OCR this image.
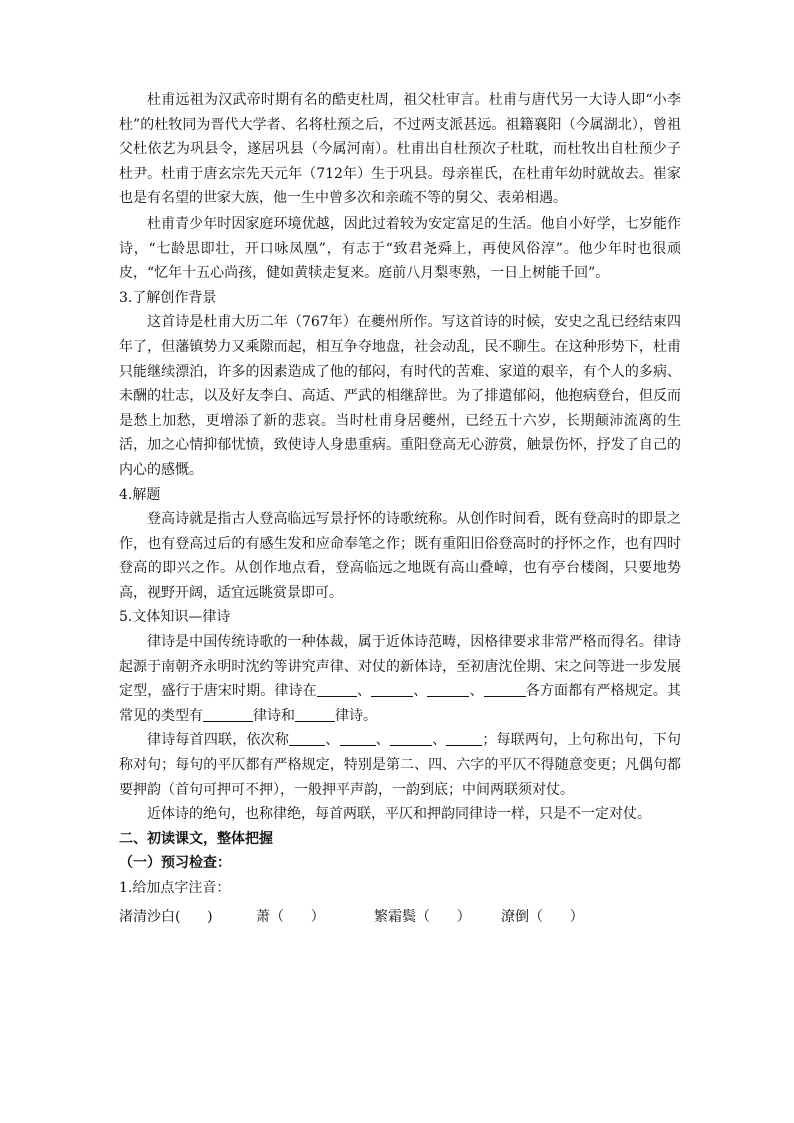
杜甫远祖为汉武帝时期有名的酷吏杜周，祖父杜审言。杜甫与唐代另一大诗人即“小李杜”的杜牧同为晋代大学者、名将杜预之后，不过两支派甚远。祖籍襄阳（今属湖北），曾祖父杜依艺为巩县令，遂居巩县（今属河南）。杜甫出自杜预次子杜耽，而杜牧出自杜预少子杜尹。杜甫于唐玄宗先天元年（712年）生于巩县。母亲崔氏，在杜甫年幼时就故去。崔家也是有名望的世家大族，他一生中曾多次和亲疏不等的舅父、表弟相遇。

杜甫青少年时因家庭环境优越，因此过着较为安定富足的生活。他自小好学，七岁能作诗，“七龄思即壮，开口咏凤凰”，有志于“致君尧舜上，再使风俗淳”。他少年时也很顽皮，“忆年十五心尚孩，健如黄犊走复来。庭前八月梨枣熟，一日上树能千回”。

3.了解创作背景

这首诗是杜甫大历二年（767年）在夔州所作。写这首诗的时候，安史之乱已经结束四年了，但藩镇势力又乘隙而起，相互争夺地盘，社会动乱，民不聊生。在这种形势下，杜甫只能继续漂泊，许多的因素造成了他的郁闷，有时代的苦难、家道的艰辛，有个人的多病、未酬的壮志，以及好友李白、高适、严武的相继辞世。为了排遣郁闷，他抱病登台，但反而是愁上加愁，更增添了新的悲哀。当时杜甫身居夔州，已经五十六岁，长期颠沛流离的生活，加之心情抑郁忧愤，致使诗人身患重病。重阳登高无心游赏，触景伤怀，抒发了自己的内心的感慨。

4.解题

登高诗就是指古人登高临远写景抒怀的诗歌统称。从创作时间看，既有登高时的即景之作，也有登高过后的有感生发和应命奉笔之作；既有重阳旧俗登高时的抒怀之作，也有四时登高的即兴之作。从创作地点看，登高临远之地既有高山叠嶂，也有亭台楼阁，只要地势高，视野开阔，适宜远眺赏景即可。

5.文体知识—律诗

律诗是中国传统诗歌的一种体裁，属于近体诗范畴，因格律要求非常严格而得名。律诗起源于南朝齐永明时沈约等讲究声律、对仗的新体诗，至初唐沈佺期、宋之问等进一步发展定型，盛行于唐宋时期。律诗在	、	、	、	各方面都有严格规定。其常见的类型有	律诗和	律诗。

律诗每首四联，依次称	、	、	、	；每联两句，上句称出句，下句称对句；每句的平仄都有严格规定，特别是第二、四、六字的平仄不得随意变更；凡偶句都要押韵（首句可押可不押），一般押平声韵，一韵到底；中间两联须对仗。

近体诗的绝句，也称律绝，每首两联，平仄和押韵同律诗一样，只是不一定对仗。

二、初读课文，整体把握
（一）预习检查：

1.给加点字注音：

渚清沙白(      )	萧（      ）	繁霜鬓（      ）	潦倒（      ）
